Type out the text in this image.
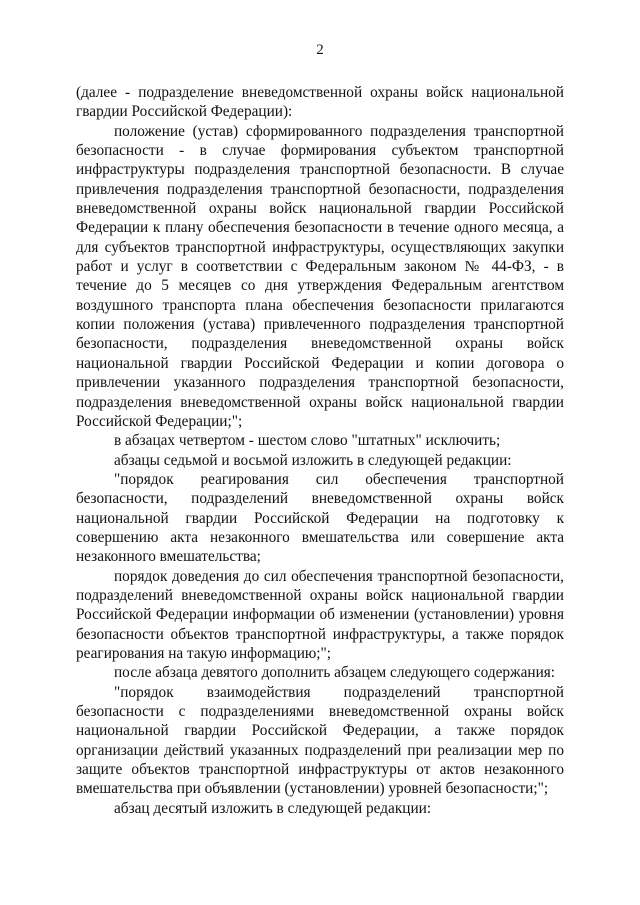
2

(далее - подразделение вневедомственной охраны войск национальной гвардии Российской Федерации):

положение (устав) сформированного подразделения транспортной безопасности - в случае формирования субъектом транспортной инфраструктуры подразделения транспортной безопасности. В случае привлечения подразделения транспортной безопасности, подразделения вневедомственной охраны войск национальной гвардии Российской Федерации к плану обеспечения безопасности в течение одного месяца, а для субъектов транспортной инфраструктуры, осуществляющих закупки работ и услуг в соответствии с Федеральным законом № 44-ФЗ, - в течение до 5 месяцев со дня утверждения Федеральным агентством воздушного транспорта плана обеспечения безопасности прилагаются копии положения (устава) привлеченного подразделения транспортной безопасности, подразделения вневедомственной охраны войск национальной гвардии Российской Федерации и копии договора о привлечении указанного подразделения транспортной безопасности, подразделения вневедомственной охраны войск национальной гвардии Российской Федерации;";

в абзацах четвертом - шестом слово "штатных" исключить;

абзацы седьмой и восьмой изложить в следующей редакции:

"порядок реагирования сил обеспечения транспортной безопасности, подразделений вневедомственной охраны войск национальной гвардии Российской Федерации на подготовку к совершению акта незаконного вмешательства или совершение акта незаконного вмешательства;

порядок доведения до сил обеспечения транспортной безопасности, подразделений вневедомственной охраны войск национальной гвардии Российской Федерации информации об изменении (установлении) уровня безопасности объектов транспортной инфраструктуры, а также порядок реагирования на такую информацию;";

после абзаца девятого дополнить абзацем следующего содержания:

"порядок взаимодействия подразделений транспортной безопасности с подразделениями вневедомственной охраны войск национальной гвардии Российской Федерации, а также порядок организации действий указанных подразделений при реализации мер по защите объектов транспортной инфраструктуры от актов незаконного вмешательства при объявлении (установлении) уровней безопасности;";

абзац десятый изложить в следующей редакции:
